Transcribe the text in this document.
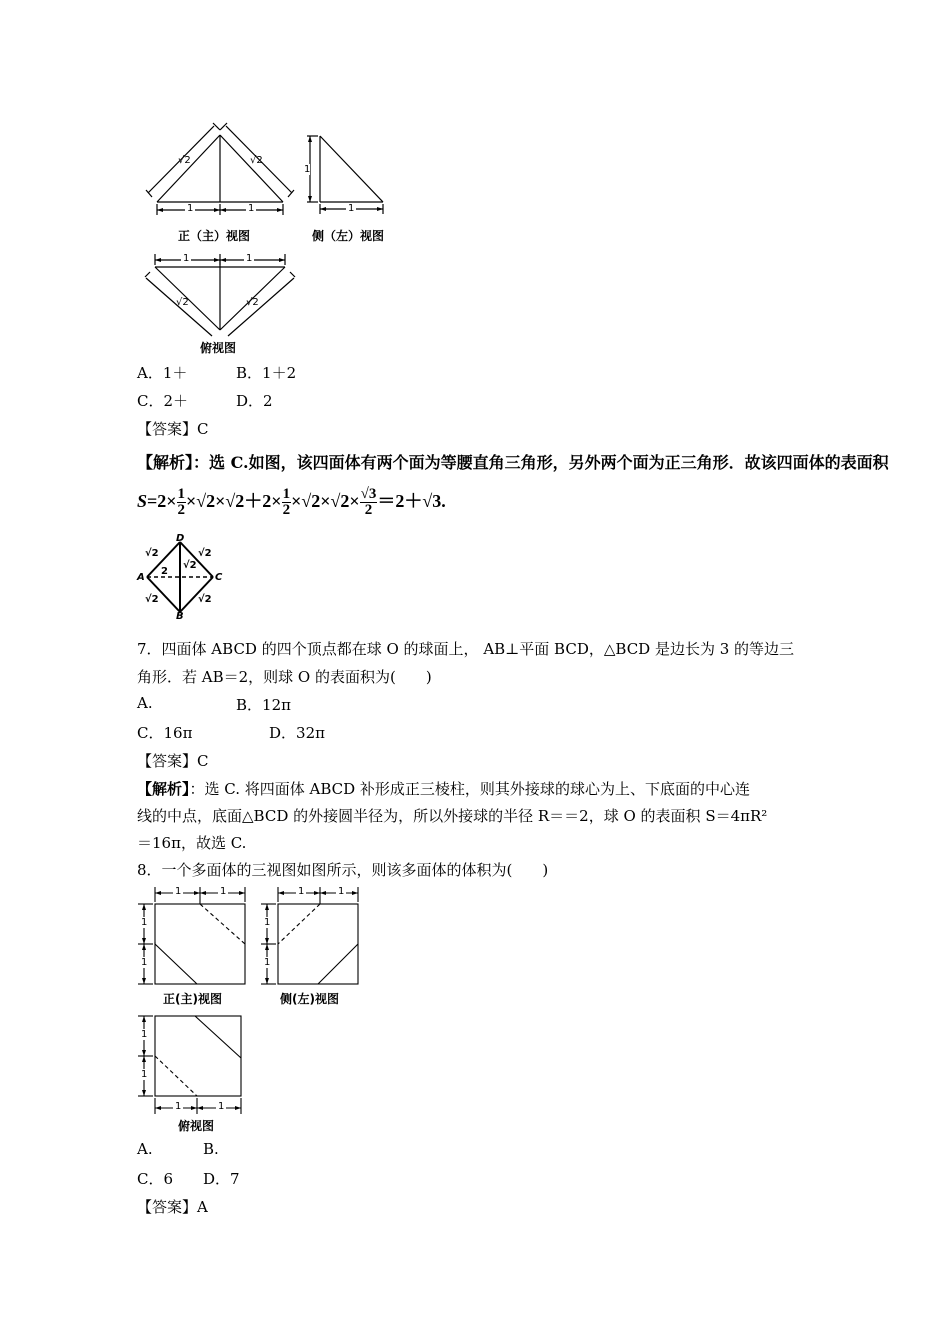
√2	√2
1	1
正（主）视图
1
1
侧（左）视图
1	1
√2	√2
俯视图
A．1＋	B．1＋2
C．2＋	D．2
【答案】C
【解析】：选 C.如图，该四面体有两个面为等腰直角三角形，另外两个面为正三角形．故该四面体的表面积
$S=2\times \frac{1}{2} \times√2\times√2+2\times \frac{1}{2} \times√2\times√2\times \frac{√3}{2} =2+√3$.
D
A	C
B
2
√2	√2
√2
√2	√2
7．四面体 ABCD 的四个顶点都在球 O 的球面上， AB⊥平面 BCD，△BCD 是边长为 3 的等边三
角形．若 AB＝2，则球 O 的表面积为(　　)
A.	B．12π
C．16π	D．32π
【答案】C
【解析】：选 C. 将四面体 ABCD 补形成正三棱柱，则其外接球的球心为上、下底面的中心连
线的中点，底面△BCD 的外接圆半径为，所以外接球的半径 R＝＝2，球 O 的表面积 S＝4πR²
＝16π，故选 C.
8．一个多面体的三视图如图所示，则该多面体的体积为(　　)
1	1
1
1
正(主)视图
1	1
1
1
侧(左)视图
1
1
1	1
俯视图
A.	B.
C．6 D．7
【答案】A
